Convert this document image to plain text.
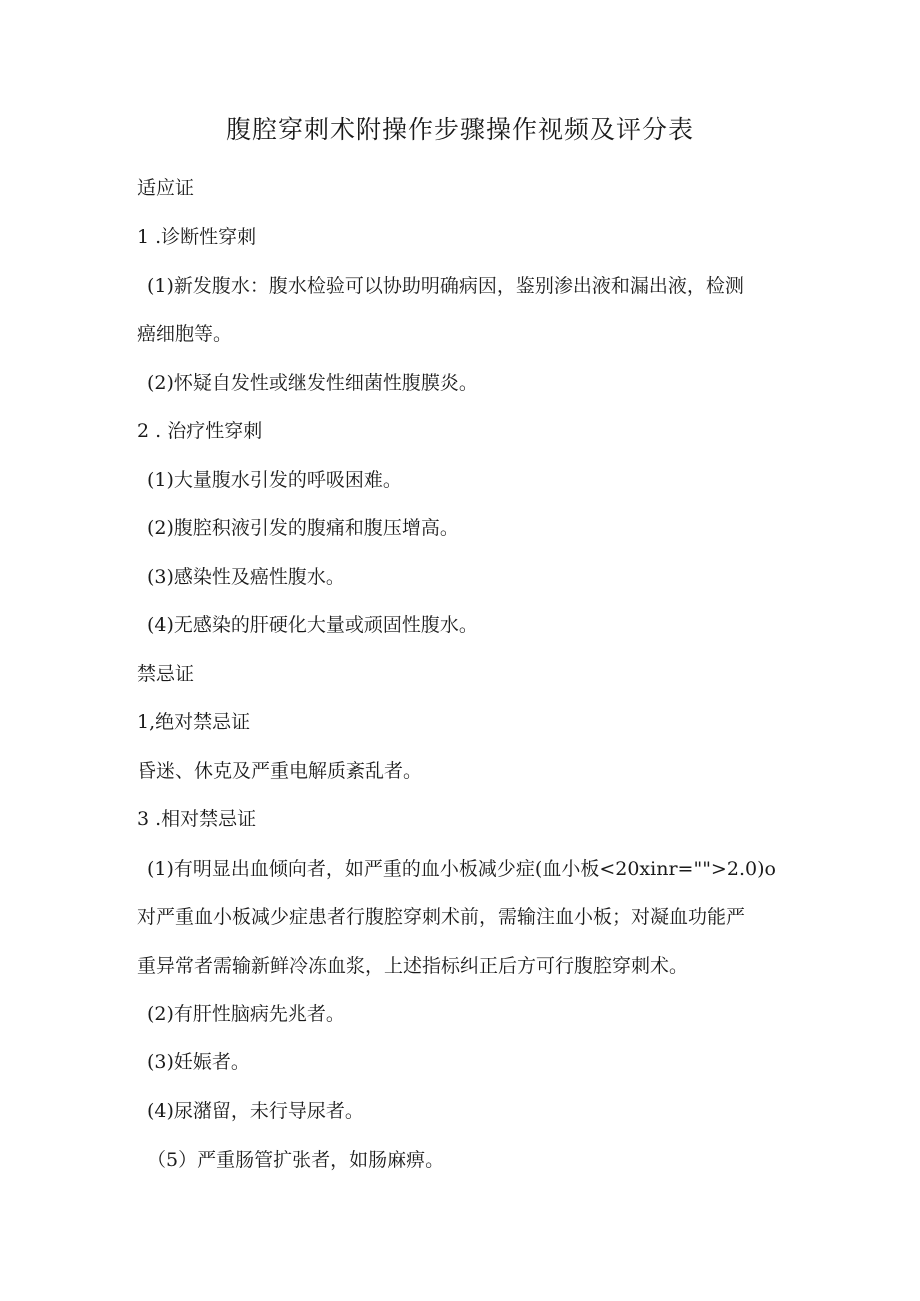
腹腔穿刺术附操作步骤操作视频及评分表
适应证
1 .诊断性穿刺
(1)新发腹水：腹水检验可以协助明确病因，鉴别渗出液和漏出液，检测
癌细胞等。
(2)怀疑自发性或继发性细菌性腹膜炎。
2 . 治疗性穿刺
(1)大量腹水引发的呼吸困难。
(2)腹腔积液引发的腹痛和腹压增高。
(3)感染性及癌性腹水。
(4)无感染的肝硬化大量或顽固性腹水。
禁忌证
1,绝对禁忌证
昏迷、休克及严重电解质紊乱者。
3 .相对禁忌证
(1)有明显出血倾向者，如严重的血小板减少症(血小板<20xinr="">2.0)o
对严重血小板减少症患者行腹腔穿刺术前，需输注血小板；对凝血功能严
重异常者需输新鲜冷冻血浆，上述指标纠正后方可行腹腔穿刺术。
(2)有肝性脑病先兆者。
(3)妊娠者。
(4)尿潴留，未行导尿者。
（5）严重肠管扩张者，如肠麻痹。
